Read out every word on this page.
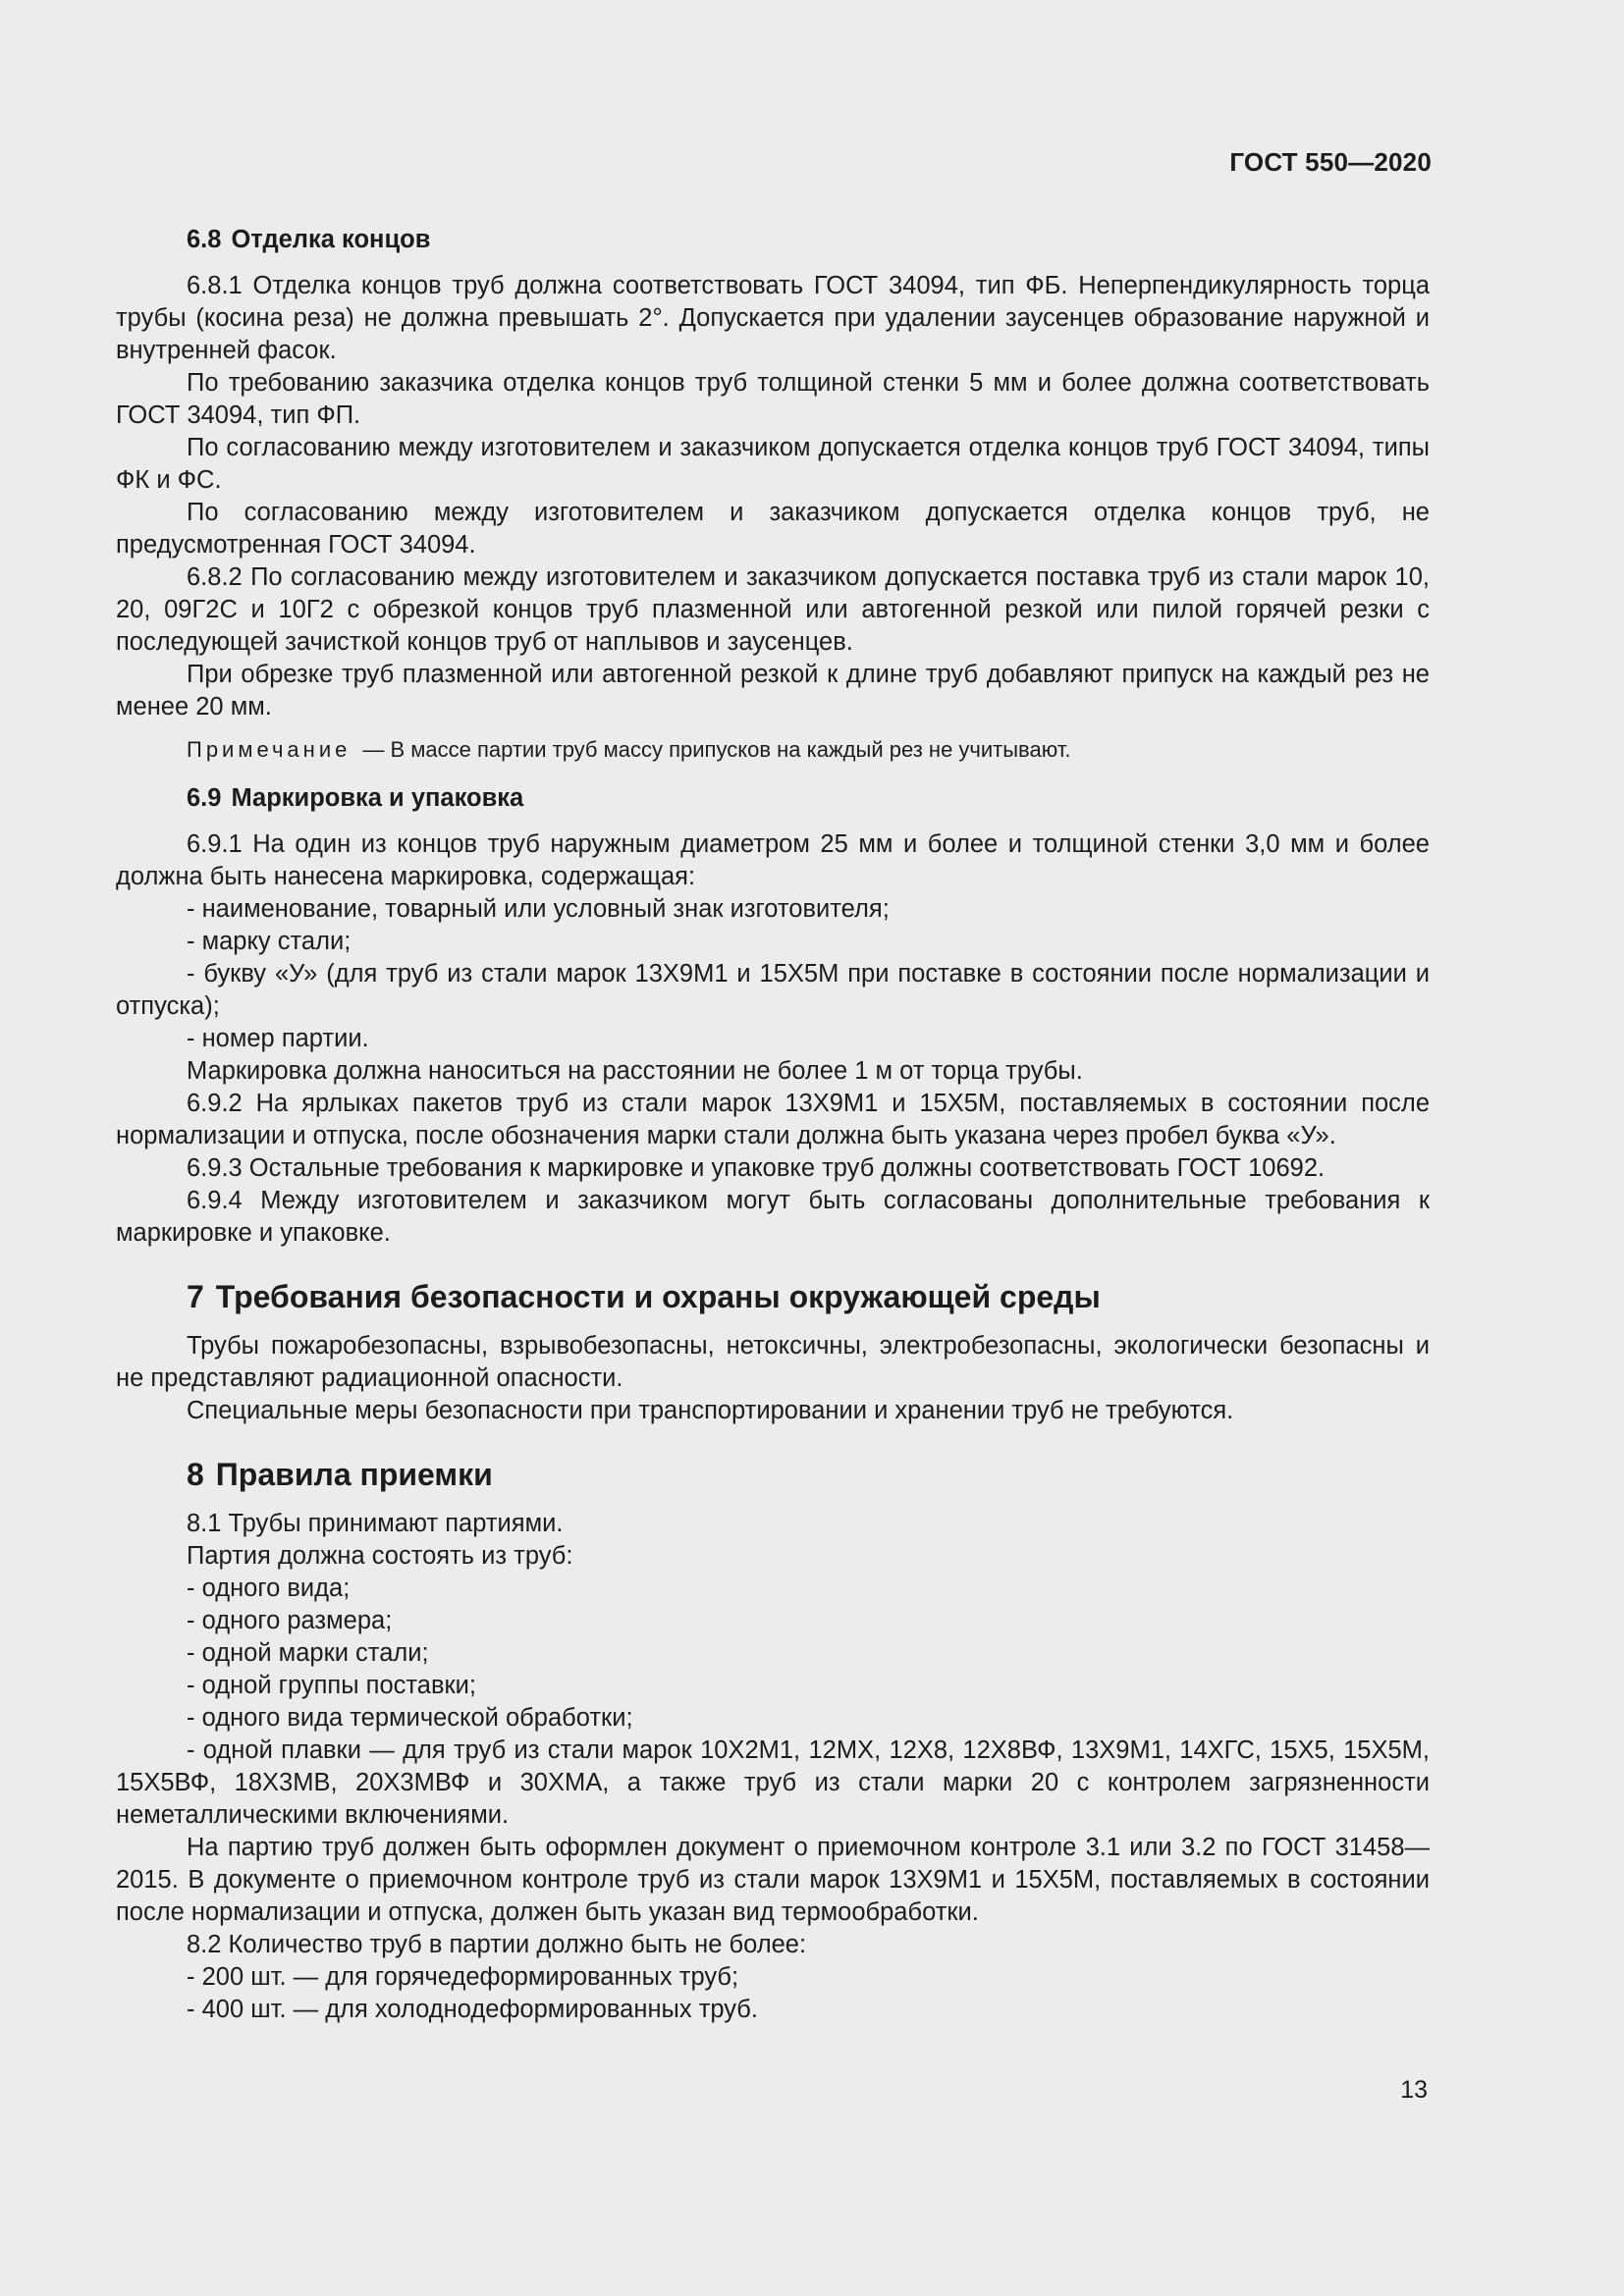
ГОСТ 550—2020
6.8 Отделка концов

6.8.1 Отделка концов труб должна соответствовать ГОСТ 34094, тип ФБ. Неперпендикулярность торца трубы (косина реза) не должна превышать 2°. Допускается при удалении заусенцев образование наружной и внутренней фасок.

По требованию заказчика отделка концов труб толщиной стенки 5 мм и более должна соответствовать ГОСТ 34094, тип ФП.

По согласованию между изготовителем и заказчиком допускается отделка концов труб ГОСТ 34094, типы ФК и ФС.

По согласованию между изготовителем и заказчиком допускается отделка концов труб, не предусмотренная ГОСТ 34094.

6.8.2 По согласованию между изготовителем и заказчиком допускается поставка труб из стали марок 10, 20, 09Г2С и 10Г2 с обрезкой концов труб плазменной или автогенной резкой или пилой горячей резки с последующей зачисткой концов труб от наплывов и заусенцев.

При обрезке труб плазменной или автогенной резкой к длине труб добавляют припуск на каждый рез не менее 20 мм.

Примечание — В массе партии труб массу припусков на каждый рез не учитывают.
6.9 Маркировка и упаковка

6.9.1 На один из концов труб наружным диаметром 25 мм и более и толщиной стенки 3,0 мм и более должна быть нанесена маркировка, содержащая:

- наименование, товарный или условный знак изготовителя;

- марку стали;

- букву «У» (для труб из стали марок 13Х9М1 и 15Х5М при поставке в состоянии после нормализации и отпуска);

- номер партии.

Маркировка должна наноситься на расстоянии не более 1 м от торца трубы.

6.9.2 На ярлыках пакетов труб из стали марок 13Х9М1 и 15Х5М, поставляемых в состоянии после нормализации и отпуска, после обозначения марки стали должна быть указана через пробел буква «У».

6.9.3 Остальные требования к маркировке и упаковке труб должны соответствовать ГОСТ 10692.

6.9.4 Между изготовителем и заказчиком могут быть согласованы дополнительные требования к маркировке и упаковке.

7 Требования безопасности и охраны окружающей среды

Трубы пожаробезопасны, взрывобезопасны, нетоксичны, электробезопасны, экологически безопасны и не представляют радиационной опасности.

Специальные меры безопасности при транспортировании и хранении труб не требуются.

8 Правила приемки

8.1 Трубы принимают партиями.

Партия должна состоять из труб:

- одного вида;

- одного размера;

- одной марки стали;

- одной группы поставки;

- одного вида термической обработки;

- одной плавки — для труб из стали марок 10Х2М1, 12МХ, 12Х8, 12Х8ВФ, 13Х9М1, 14ХГС, 15Х5, 15Х5М, 15Х5ВФ, 18Х3МВ, 20Х3МВФ и 30ХМА, а также труб из стали марки 20 с контролем загрязненности неметаллическими включениями.

На партию труб должен быть оформлен документ о приемочном контроле 3.1 или 3.2 по ГОСТ 31458—2015. В документе о приемочном контроле труб из стали марок 13Х9М1 и 15Х5М, поставляемых в состоянии после нормализации и отпуска, должен быть указан вид термообработки.

8.2 Количество труб в партии должно быть не более:

- 200 шт. — для горячедеформированных труб;

- 400 шт. — для холоднодеформированных труб.

13
